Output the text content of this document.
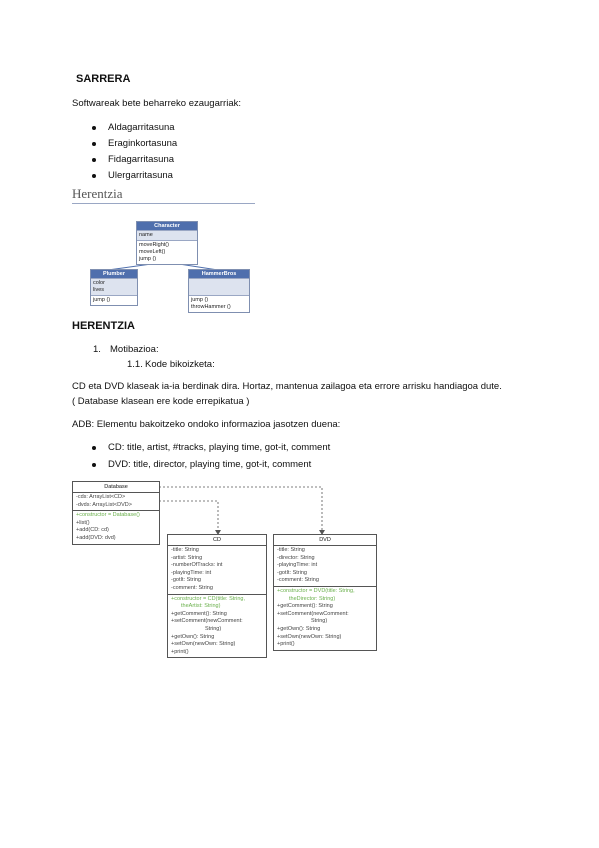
SARRERA
Softwareak bete beharreko ezaugarriak:
Aldagarritasuna
Eraginkortasuna
Fidagarritasuna
Ulergarritasuna
Herentzia
Character
name
moveRight()
moveLeft()
jump ()
Plumber
color
lives
jump ()
HammerBros
jump ()
throwHammer ()
HERENTZIA
1. Motibazioa:
1.1. Kode bikoizketa:
CD eta DVD klaseak ia-ia berdinak dira. Hortaz, mantenua zailagoa eta errore arrisku handiagoa dute.
( Database klasean ere kode errepikatua )
ADB: Elementu bakoitzeko ondoko informazioa jasotzen duena:
CD: title, artist, #tracks, playing time, got-it, comment
DVD: title, director, playing time, got-it, comment
Database
-cds: ArrayList<CD>
-dvds: ArrayList<DVD>
+constructor = Database()
+list()
+add(CD: cd)
+add(DVD: dvd)	CD
-title: String
-artist: String
-numberOfTracks: int
-playingTime: int
-gotIt: String
-comment: String
+constructor = CD(title: String,
theArtist: String)
+getComment(): String
+setComment(newComment:
String)
+getOwn(): String
+setOwn(newOwn: String)
+print()
DVD
-title: String
-director: String
-playingTime: int
-gotIt: String
-comment: String
+constructor = DVD(title: String,
theDirector: String)
+getComment(): String
+setComment(newComment:
String)
+getOwn(): String
+setOwn(newOwn: String)
+print()
